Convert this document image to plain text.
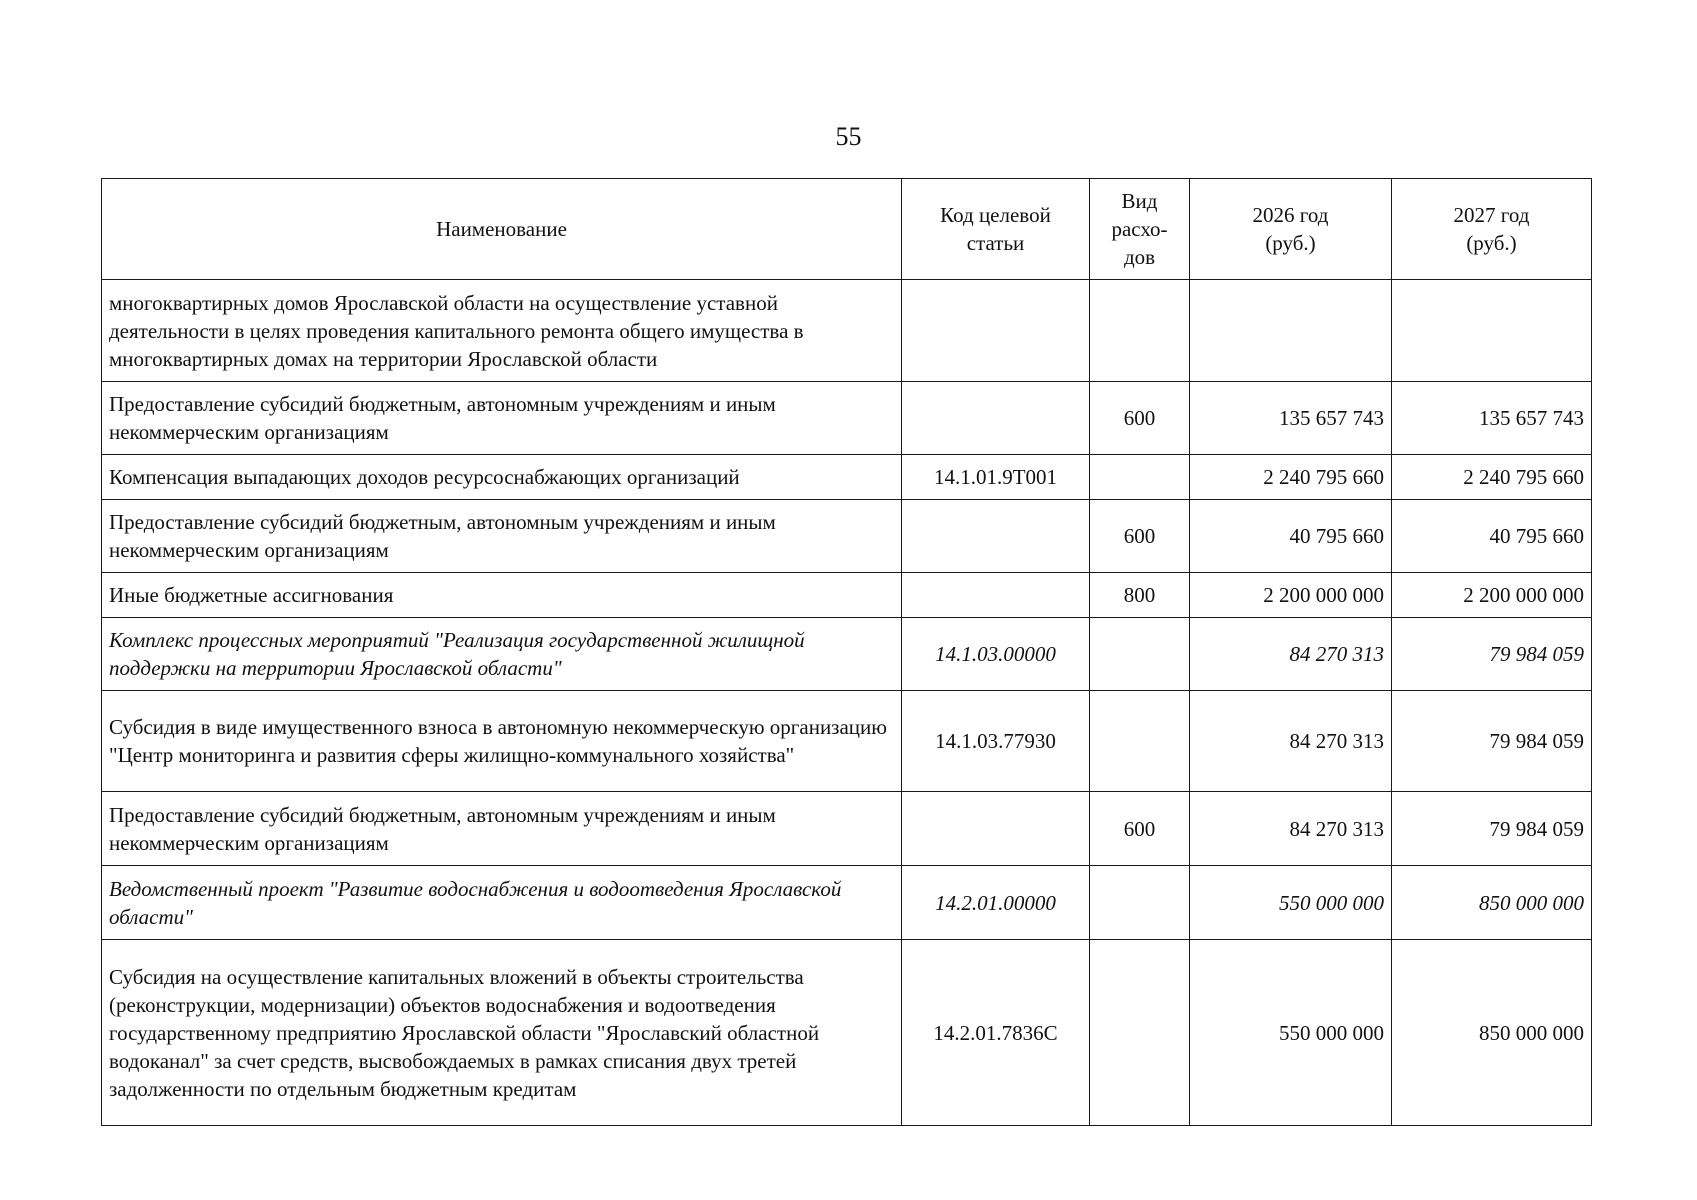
55
Наименование	Код целевой статьи	Вид расхо-дов	2026 год (руб.)	2027 год (руб.)

многоквартирных домов Ярославской области на осуществление уставной деятельности в целях проведения капитального ремонта общего имущества в многоквартирных домах на территории Ярославской области				
Предоставление субсидий бюджетным, автономным учреждениям и иным некоммерческим организациям		600	135 657 743	135 657 743
Компенсация выпадающих доходов ресурсоснабжающих организаций	14.1.01.9Т001		2 240 795 660	2 240 795 660
Предоставление субсидий бюджетным, автономным учреждениям и иным некоммерческим организациям		600	40 795 660	40 795 660
Иные бюджетные ассигнования		800	2 200 000 000	2 200 000 000
Комплекс процессных мероприятий "Реализация государственной жилищной поддержки на территории Ярославской области"	14.1.03.00000		84 270 313	79 984 059
Субсидия в виде имущественного взноса в автономную некоммерческую организацию "Центр мониторинга и развития сферы жилищно-коммунального хозяйства"	14.1.03.77930		84 270 313	79 984 059
Предоставление субсидий бюджетным, автономным учреждениям и иным некоммерческим организациям		600	84 270 313	79 984 059
Ведомственный проект "Развитие водоснабжения и водоотведения Ярославской области"	14.2.01.00000		550 000 000	850 000 000
Субсидия на осуществление капитальных вложений в объекты строительства (реконструкции, модернизации) объектов водоснабжения и водоотведения государственному предприятию Ярославской области "Ярославский областной водоканал" за счет средств, высвобождаемых в рамках списания двух третей задолженности по отдельным бюджетным кредитам	14.2.01.7836С		550 000 000	850 000 000
